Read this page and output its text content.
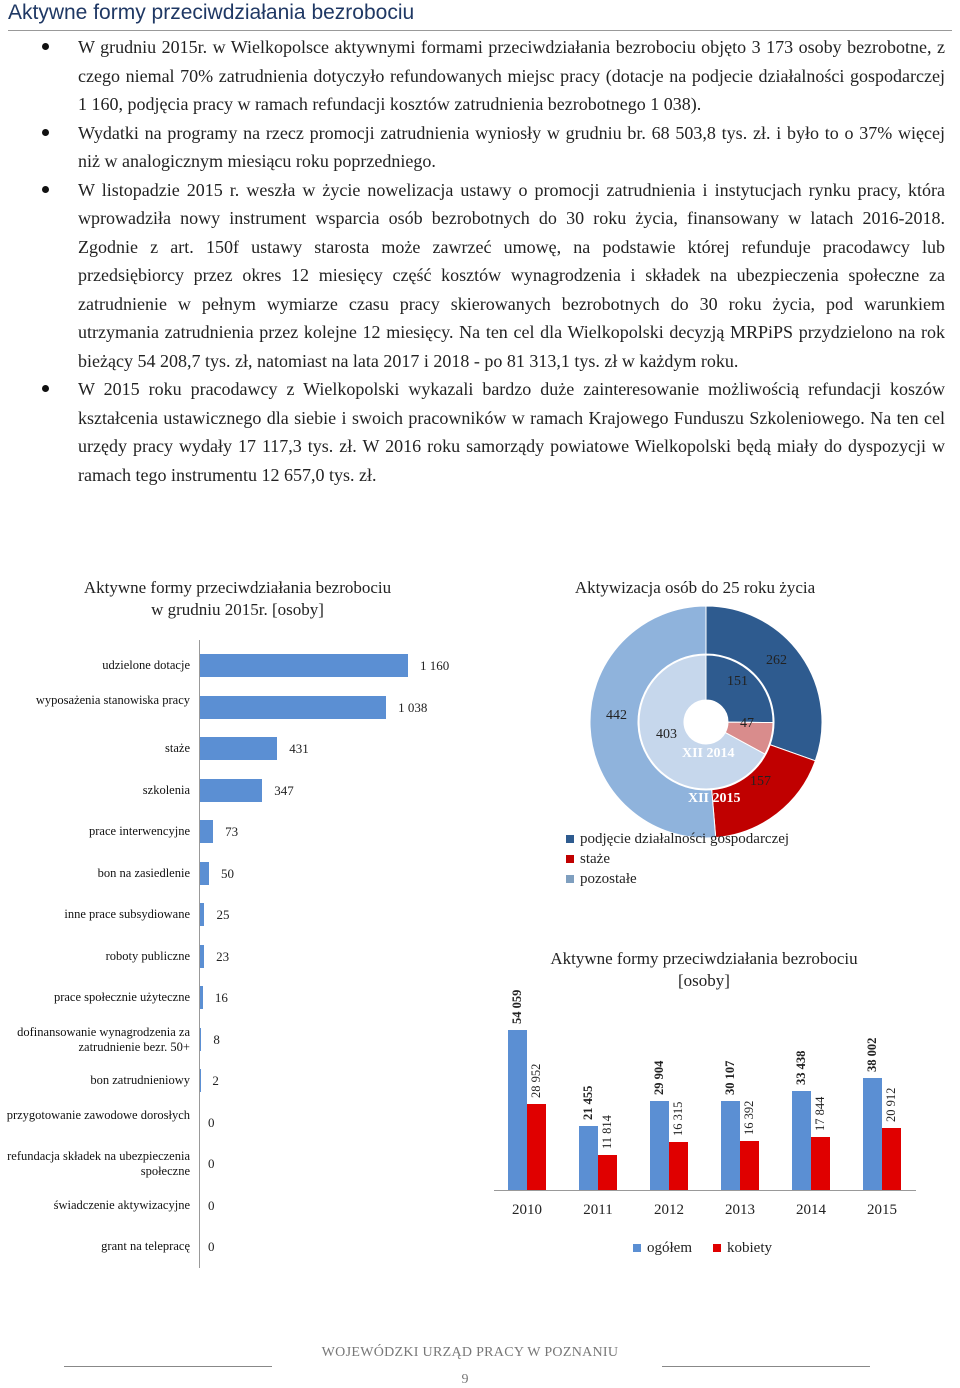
Aktywne formy przeciwdziałania bezrobociu
W grudniu 2015r. w Wielkopolsce aktywnymi formami przeciwdziałania bezrobociu objęto 3 173 osoby bezrobotne, z czego niemal 70% zatrudnienia dotyczyło refundowanych miejsc pracy (dotacje na podjecie działalności gospodarczej 1 160, podjęcia pracy w ramach refundacji kosztów zatrudnienia bezrobotnego 1 038).
Wydatki na programy na rzecz promocji zatrudnienia wyniosły w grudniu br. 68 503,8 tys. zł. i było to o 37% więcej niż w analogicznym miesiącu roku poprzedniego.
W listopadzie 2015 r. weszła w życie nowelizacja ustawy o promocji zatrudnienia i instytucjach rynku pracy, która wprowadziła nowy instrument wsparcia osób bezrobotnych do 30 roku życia, finansowany w latach 2016-2018. Zgodnie z art. 150f ustawy starosta może zawrzeć umowę, na podstawie której refunduje pracodawcy lub przedsiębiorcy przez okres 12 miesięcy część kosztów wynagrodzenia i składek na ubezpieczenia społeczne za zatrudnienie w pełnym wymiarze czasu pracy skierowanych bezrobotnych do 30 roku życia, pod warunkiem utrzymania zatrudnienia przez kolejne 12 miesięcy. Na ten cel dla Wielkopolski decyzją MRPiPS przydzielono na rok bieżący 54 208,7 tys. zł, natomiast na lata 2017 i 2018 - po 81 313,1 tys. zł w każdym roku.
W 2015 roku pracodawcy z Wielkopolski wykazali bardzo duże zainteresowanie możliwością refundacji koszów kształcenia ustawicznego dla siebie i swoich pracowników w ramach Krajowego Funduszu Szkoleniowego. Na ten cel urzędy pracy wydały 17 117,3 tys. zł. W 2016 roku samorządy powiatowe Wielkopolski będą miały do dyspozycji w ramach tego instrumentu 12 657,0 tys. zł.
Aktywne formy przeciwdziałania bezrobociu
w grudniu 2015r. [osoby]
udzielone dotacje	1 160
wyposażenia stanowiska pracy	1 038
staże	431
szkolenia	347
prace interwencyjne	73
bon na zasiedlenie 50
inne prace subsydiowane 25
roboty publiczne 23
prace społecznie użyteczne 16
dofinansowanie wynagrodzenia za zatrudnienie bezr. 50+ 8
bon zatrudnieniowy 2
przygotowanie zawodowe dorosłych 0
refundacja składek na ubezpieczenia społeczne 0
świadczenie aktywizacyjne 0
grant na telepracę 0
Aktywizacja osób do 25 roku życia
151
47
403
262
157
442
XII 2014
XII 2015
podjęcie działalności gospodarczej
staże
pozostałe
Aktywne formy przeciwdziałania bezrobociu
[osoby]
54 059
28 952
2010
21 455
11 814
2011
29 904
16 315
2012
30 107
16 392
2013
33 438
17 844
2014
38 002
20 912
2015
ogółem	kobiety
WOJEWÓDZKI URZĄD PRACY W POZNANIU
9
